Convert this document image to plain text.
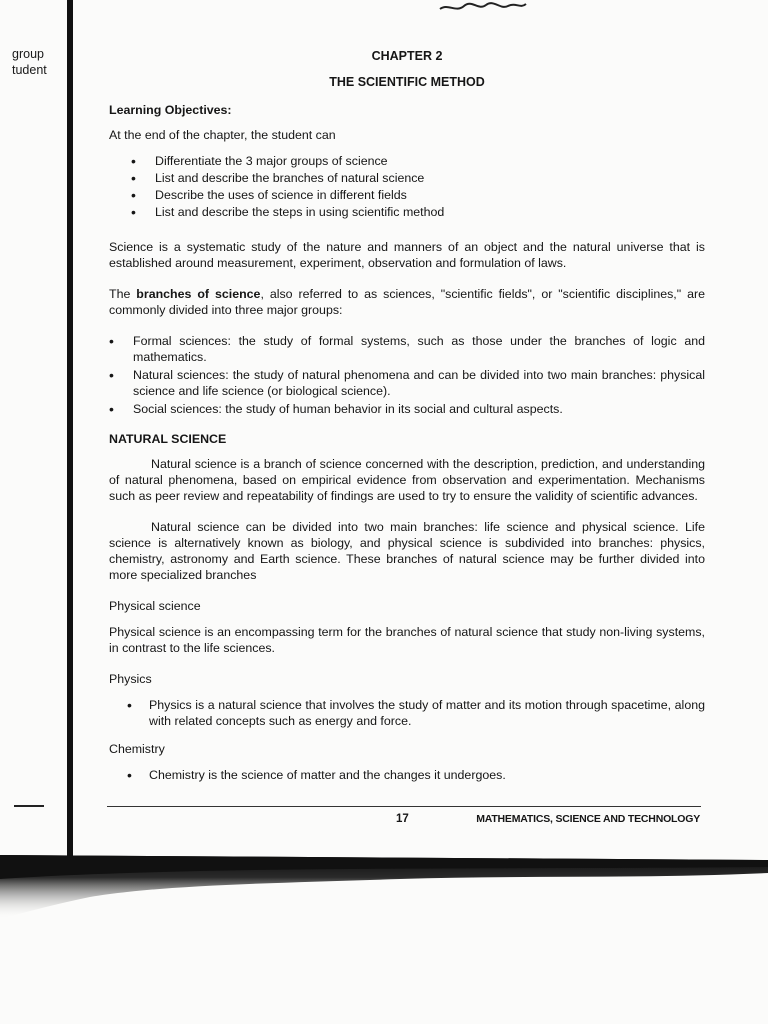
group
tudent
CHAPTER 2
THE SCIENTIFIC METHOD
Learning Objectives:

At the end of the chapter, the student can

• Differentiate the 3 major groups of science
• List and describe the branches of natural science
• Describe the uses of science in different fields
• List and describe the steps in using scientific method

Science is a systematic study of the nature and manners of an object and the natural universe that is established around measurement, experiment, observation and formulation of laws.

The branches of science, also referred to as sciences, "scientific fields", or "scientific disciplines," are commonly divided into three major groups:

• Formal sciences: the study of formal systems, such as those under the branches of logic and mathematics.
• Natural sciences: the study of natural phenomena and can be divided into two main branches: physical science and life science (or biological science).
• Social sciences: the study of human behavior in its social and cultural aspects.
NATURAL SCIENCE

Natural science is a branch of science concerned with the description, prediction, and understanding of natural phenomena, based on empirical evidence from observation and experimentation. Mechanisms such as peer review and repeatability of findings are used to try to ensure the validity of scientific advances.

Natural science can be divided into two main branches: life science and physical science. Life science is alternatively known as biology, and physical science is subdivided into branches: physics, chemistry, astronomy and Earth science. These branches of natural science may be further divided into more specialized branches

Physical science

Physical science is an encompassing term for the branches of natural science that study non-living systems, in contrast to the life sciences.

Physics
• Physics is a natural science that involves the study of matter and its motion through spacetime, along with related concepts such as energy and force.
Chemistry
• Chemistry is the science of matter and the changes it undergoes.
17	MATHEMATICS, SCIENCE AND TECHNOLOGY
